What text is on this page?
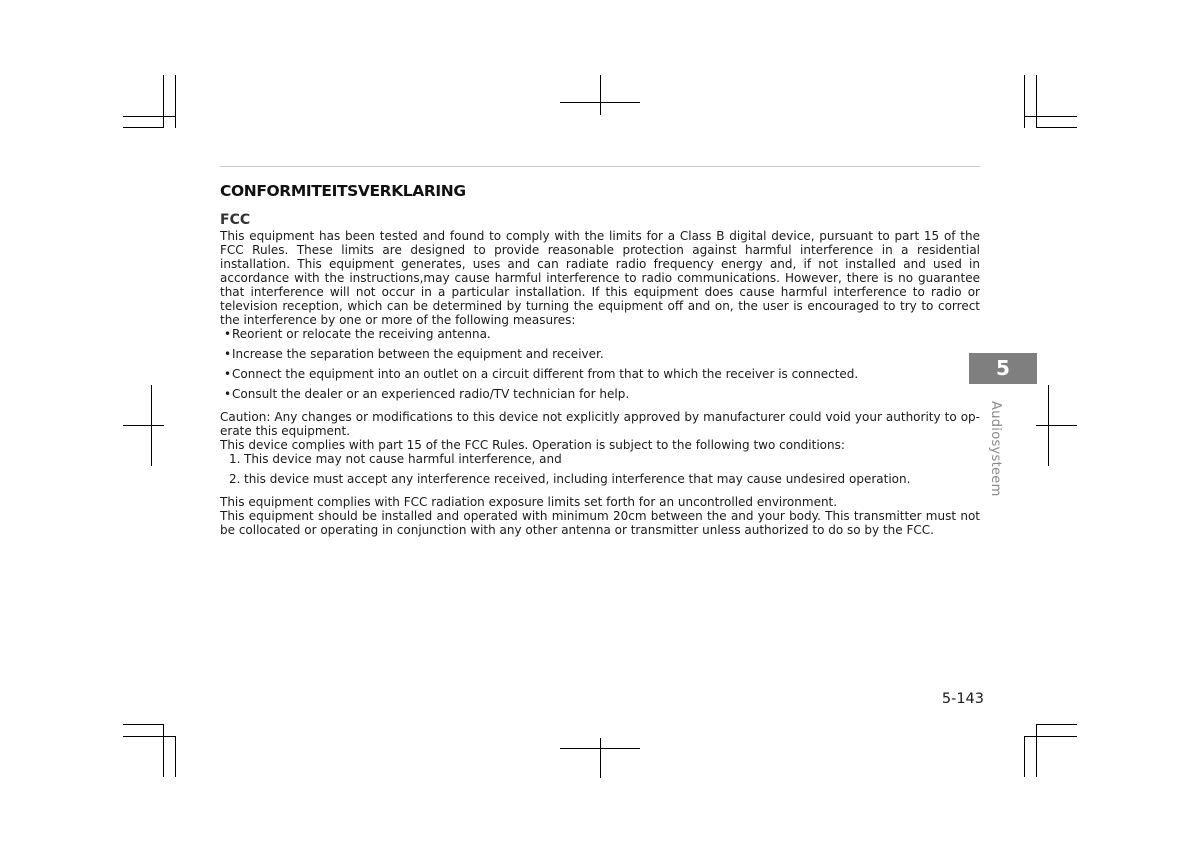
CONFORMITEITSVERKLARING
FCC

This equipment has been tested and found to comply with the limits for a Class B digital device, pursuant to part 15 of the FCC Rules. These limits are designed to provide reasonable protection against harmful interference in a residential installation. This equipment generates, uses and can radiate radio frequency energy and, if not installed and used in accordance with the instructions,may cause harmful interference to radio communications. However, there is no guarantee that interference will not occur in a particular installation. If this equipment does cause harmful interference to radio or television reception, which can be determined by turning the equipment off and on, the user is encouraged to try to correct the interference by one or more of the following measures:

•Reorient or relocate the receiving antenna.
•Increase the separation between the equipment and receiver.
•Connect the equipment into an outlet on a circuit different from that to which the receiver is connected.
•Consult the dealer or an experienced radio/TV technician for help.

Caution: Any changes or modifications to this device not explicitly approved by manufacturer could void your authority to op-erate this equipment.

This device complies with part 15 of the FCC Rules. Operation is subject to the following two conditions:

1. This device may not cause harmful interference, and
2. this device must accept any interference received, including interference that may cause undesired operation.

This equipment complies with FCC radiation exposure limits set forth for an uncontrolled environment.

This equipment should be installed and operated with minimum 20cm between the and your body. This transmitter must not be collocated or operating in conjunction with any other antenna or transmitter unless authorized to do so by the FCC.

5
Audiosysteem
5-143
